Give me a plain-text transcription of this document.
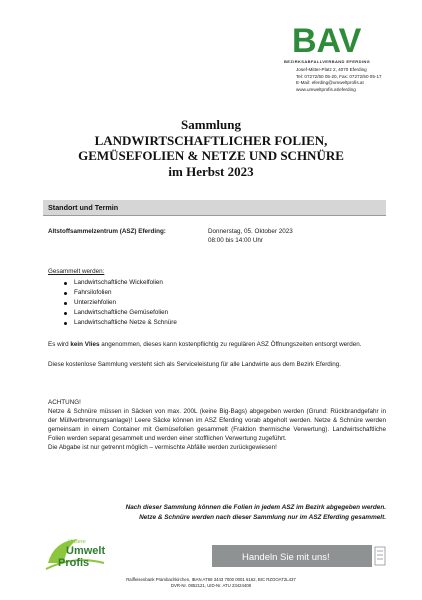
BAV
BEZIRKSABFALLVERBAND EFERDING
Josef-Mitter-Platz 2, 4070 Eferding
Tel: 07272/50 05-20, Fax: 07272/50 05-17
E-Mail: eferding@umweltprofis.at
www.umweltprofis.at/eferding
Sammlung
LANDWIRTSCHAFTLICHER FOLIEN,
GEMÜSEFOLIEN & NETZE UND SCHNÜRE
im Herbst 2023
Standort und Termin
Altstoffsammelzentrum (ASZ) Eferding:	Donnerstag, 05. Oktober 2023
08:00 bis 14:00 Uhr
Gesammelt werden:
Landwirtschaftliche Wickelfolien
Fahrsilofolien
Unterziehfolien
Landwirtschaftliche Gemüsefolien
Landwirtschaftliche Netze & Schnüre
Es wird kein Vlies angenommen, dieses kann kostenpflichtig zu regulären ASZ Öffnungszeiten entsorgt werden.
Diese kostenlose Sammlung versteht sich als Serviceleistung für alle Landwirte aus dem Bezirk Eferding.
ACHTUNG!
Netze & Schnüre müssen in Säcken von max. 200L (keine Big-Bags) abgegeben werden (Grund: Rückbrandgefahr in der Müllverbrennungsanlage)! Leere Säcke können im ASZ Eferding vorab abgeholt werden. Netze & Schnüre werden gemeinsam in einem Container mit Gemüsefolien gesammelt (Fraktion thermische Verwertung). Landwirtschaftliche Folien werden separat gesammelt und werden einer stofflichen Verwertung zugeführt.
Die Abgabe ist nur getrennt möglich – vermischte Abfälle werden zurückgewiesen!
Nach dieser Sammlung können die Folien in jedem ASZ im Bezirk abgegeben werden.
Netze & Schnüre werden nach dieser Sammlung nur im ASZ Eferding gesammelt.
Unsere
Umwelt
Profis	Handeln Sie mit uns!
Raiffeisenbank Prambachkirchen, IBAN AT68 3443 7000 0001 6162, BIC RZOOAT2L437
DVR-Nr. 0852121, UID-Nr. ATU 23424408
